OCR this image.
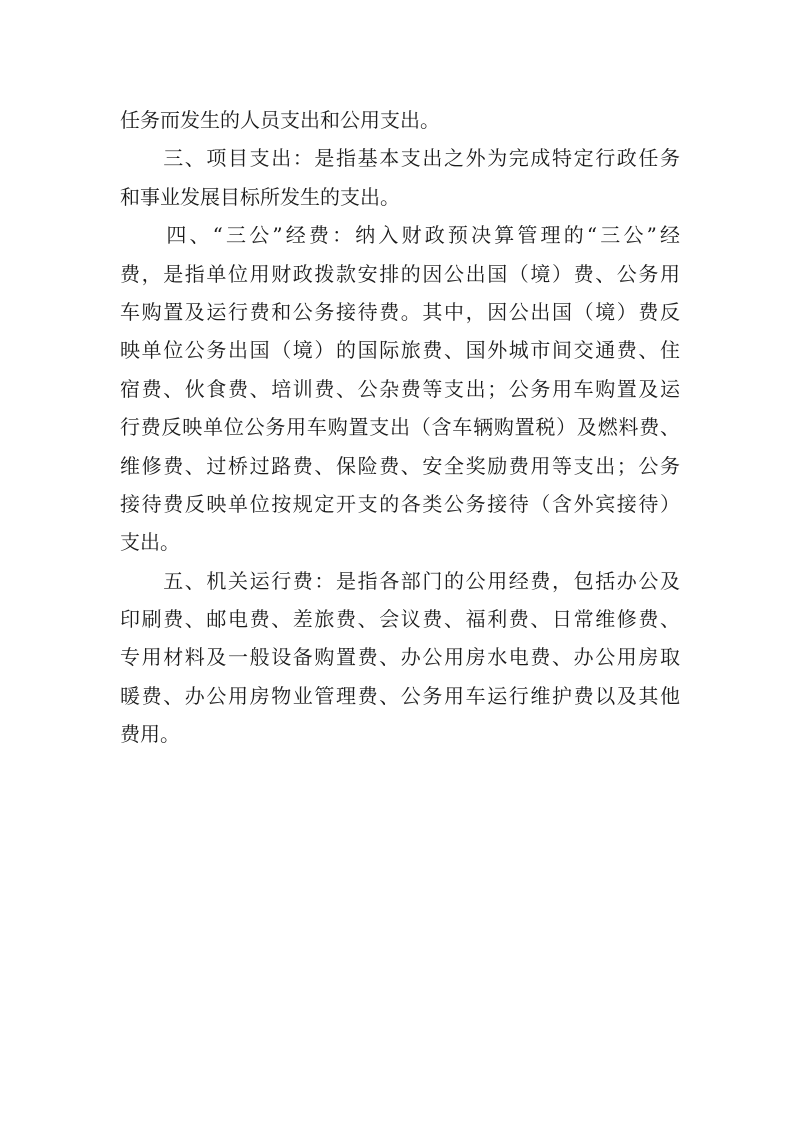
任务而发生的人员支出和公用支出。
　　三、项目支出：是指基本支出之外为完成特定行政任务
和事业发展目标所发生的支出。
　　四、“三公”经费：纳入财政预决算管理的“三公”经
费，是指单位用财政拨款安排的因公出国（境）费、公务用
车购置及运行费和公务接待费。其中，因公出国（境）费反
映单位公务出国（境）的国际旅费、国外城市间交通费、住
宿费、伙食费、培训费、公杂费等支出；公务用车购置及运
行费反映单位公务用车购置支出（含车辆购置税）及燃料费、
维修费、过桥过路费、保险费、安全奖励费用等支出；公务
接待费反映单位按规定开支的各类公务接待（含外宾接待）
支出。
　　五、机关运行费：是指各部门的公用经费，包括办公及
印刷费、邮电费、差旅费、会议费、福利费、日常维修费、
专用材料及一般设备购置费、办公用房水电费、办公用房取
暖费、办公用房物业管理费、公务用车运行维护费以及其他
费用。
